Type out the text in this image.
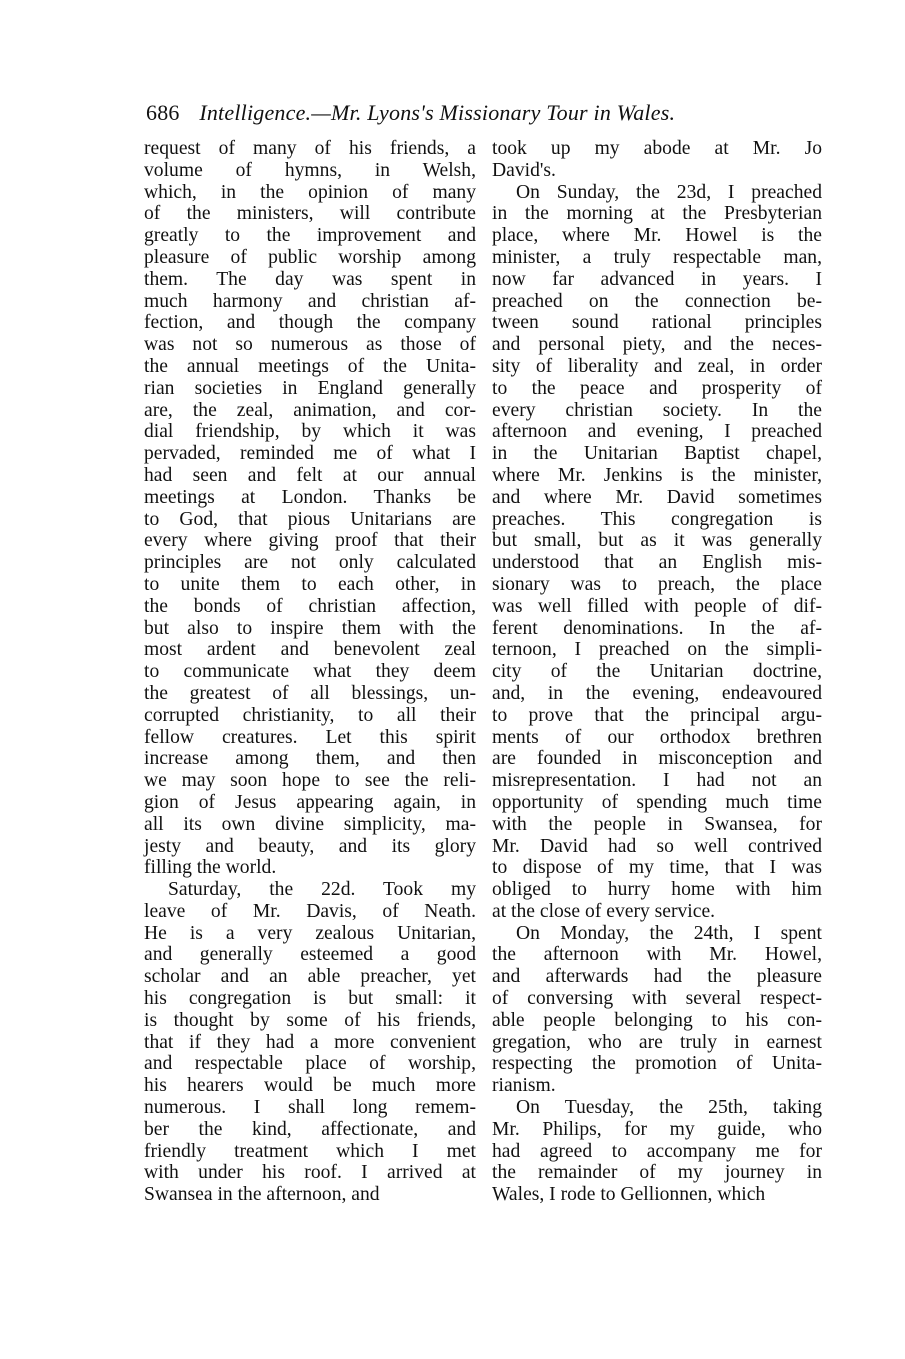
686 Intelligence.—Mr. Lyons's Missionary Tour in Wales.
request of many of his friends, a
volume of hymns, in Welsh,
which, in the opinion of many
of the ministers, will contribute
greatly to the improvement and
pleasure of public worship among
them. The day was spent in
much harmony and christian af-
fection, and though the company
was not so numerous as those of
the annual meetings of the Unita-
rian societies in England generally
are, the zeal, animation, and cor-
dial friendship, by which it was
pervaded, reminded me of what I
had seen and felt at our annual
meetings at London. Thanks be
to God, that pious Unitarians are
every where giving proof that their
principles are not only calculated
to unite them to each other, in
the bonds of christian affection,
but also to inspire them with the
most ardent and benevolent zeal
to communicate what they deem
the greatest of all blessings, un-
corrupted christianity, to all their
fellow creatures. Let this spirit
increase among them, and then
we may soon hope to see the reli-
gion of Jesus appearing again, in
all its own divine simplicity, ma-
jesty and beauty, and its glory
filling the world.
Saturday, the 22d. Took my
leave of Mr. Davis, of Neath.
He is a very zealous Unitarian,
and generally esteemed a good
scholar and an able preacher, yet
his congregation is but small: it
is thought by some of his friends,
that if they had a more convenient
and respectable place of worship,
his hearers would be much more
numerous. I shall long remem-
ber the kind, affectionate, and
friendly treatment which I met
with under his roof. I arrived at
Swansea in the afternoon, and
took up my abode at Mr. Jo
David's.
On Sunday, the 23d, I preached
in the morning at the Presbyterian
place, where Mr. Howel is the
minister, a truly respectable man,
now far advanced in years. I
preached on the connection be-
tween sound rational principles
and personal piety, and the neces-
sity of liberality and zeal, in order
to the peace and prosperity of
every christian society. In the
afternoon and evening, I preached
in the Unitarian Baptist chapel,
where Mr. Jenkins is the minister,
and where Mr. David sometimes
preaches. This congregation is
but small, but as it was generally
understood that an English mis-
sionary was to preach, the place
was well filled with people of dif-
ferent denominations. In the af-
ternoon, I preached on the simpli-
city of the Unitarian doctrine,
and, in the evening, endeavoured
to prove that the principal argu-
ments of our orthodox brethren
are founded in misconception and
misrepresentation. I had not an
opportunity of spending much time
with the people in Swansea, for
Mr. David had so well contrived
to dispose of my time, that I was
obliged to hurry home with him
at the close of every service.
On Monday, the 24th, I spent
the afternoon with Mr. Howel,
and afterwards had the pleasure
of conversing with several respect-
able people belonging to his con-
gregation, who are truly in earnest
respecting the promotion of Unita-
rianism.
On Tuesday, the 25th, taking
Mr. Philips, for my guide, who
had agreed to accompany me for
the remainder of my journey in
Wales, I rode to Gellionnen, which
